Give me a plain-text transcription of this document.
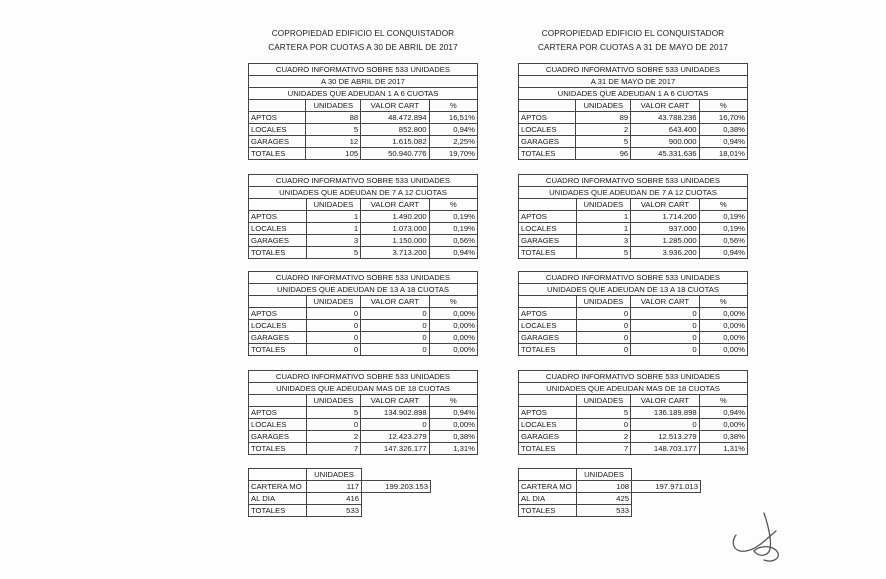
COPROPIEDAD EDIFICIO EL CONQUISTADOR
CARTERA POR CUOTAS A 30 DE ABRIL DE 2017
CUADRO INFORMATIVO SOBRE 533 UNIDADES			
A 30 DE ABRIL DE 2017			
UNIDADES QUE ADEUDAN 1 A 6 CUOTAS			
	UNIDADES	VALOR CART	%
APTOS	88	48.472.894	16,51%
LOCALES	5	852.800	0,94%
GARAGES	12	1.615.082	2,25%
TOTALES	105	50.940.776	19,70%
CUADRO INFORMATIVO SOBRE 533 UNIDADES			
UNIDADES QUE ADEUDAN DE 7 A 12 CUOTAS			
	UNIDADES	VALOR CART	%
APTOS	1	1.490.200	0,19%
LOCALES	1	1.073.000	0,19%
GARAGES	3	1.150.000	0,56%
TOTALES	5	3.713.200	0,94%
CUADRO INFORMATIVO SOBRE 533 UNIDADES			
UNIDADES QUE ADEUDAN DE 13 A 18 CUOTAS			
	UNIDADES	VALOR CART	%
APTOS	0	0	0,00%
LOCALES	0	0	0,00%
GARAGES	0	0	0,00%
TOTALES	0	0	0,00%
CUADRO INFORMATIVO SOBRE 533 UNIDADES			
UNIDADES QUE ADEUDAN MAS DE 18 CUOTAS			
	UNIDADES	VALOR CART	%
APTOS	5	134.902.898	0,94%
LOCALES	0	0	0,00%
GARAGES	2	12.423.279	0,38%
TOTALES	7	147.326.177	1,31%
	UNIDADES	
CARTERA MO	117	199.203.153
AL DIA	416	
TOTALES	533	
COPROPIEDAD EDIFICIO EL CONQUISTADOR
CARTERA POR CUOTAS A 31 DE MAYO DE 2017
CUADRO INFORMATIVO SOBRE 533 UNIDADES			
A 31 DE MAYO DE 2017			
UNIDADES QUE ADEUDAN 1 A 6 CUOTAS			
	UNIDADES	VALOR CART	%
APTOS	89	43.788.236	16,70%
LOCALES	2	643.400	0,38%
GARAGES	5	900.000	0,94%
TOTALES	96	45.331.636	18,01%
CUADRO INFORMATIVO SOBRE 533 UNIDADES			
UNIDADES QUE ADEUDAN DE 7 A 12 CUOTAS			
	UNIDADES	VALOR CART	%
APTOS	1	1.714.200	0,19%
LOCALES	1	937.000	0,19%
GARAGES	3	1.285.000	0,56%
TOTALES	5	3.936.200	0,94%
CUADRO INFORMATIVO SOBRE 533 UNIDADES			
UNIDADES QUE ADEUDAN DE 13 A 18 CUOTAS			
	UNIDADES	VALOR CART	%
APTOS	0	0	0,00%
LOCALES	0	0	0,00%
GARAGES	0	0	0,00%
TOTALES	0	0	0,00%
CUADRO INFORMATIVO SOBRE 533 UNIDADES			
UNIDADES QUE ADEUDAN MAS DE 18 CUOTAS			
	UNIDADES	VALOR CART	%
APTOS	5	136.189.898	0,94%
LOCALES	0	0	0,00%
GARAGES	2	12.513.279	0,38%
TOTALES	7	148.703.177	1,31%
	UNIDADES	
CARTERA MO	108	197.971.013
AL DIA	425	
TOTALES	533	
